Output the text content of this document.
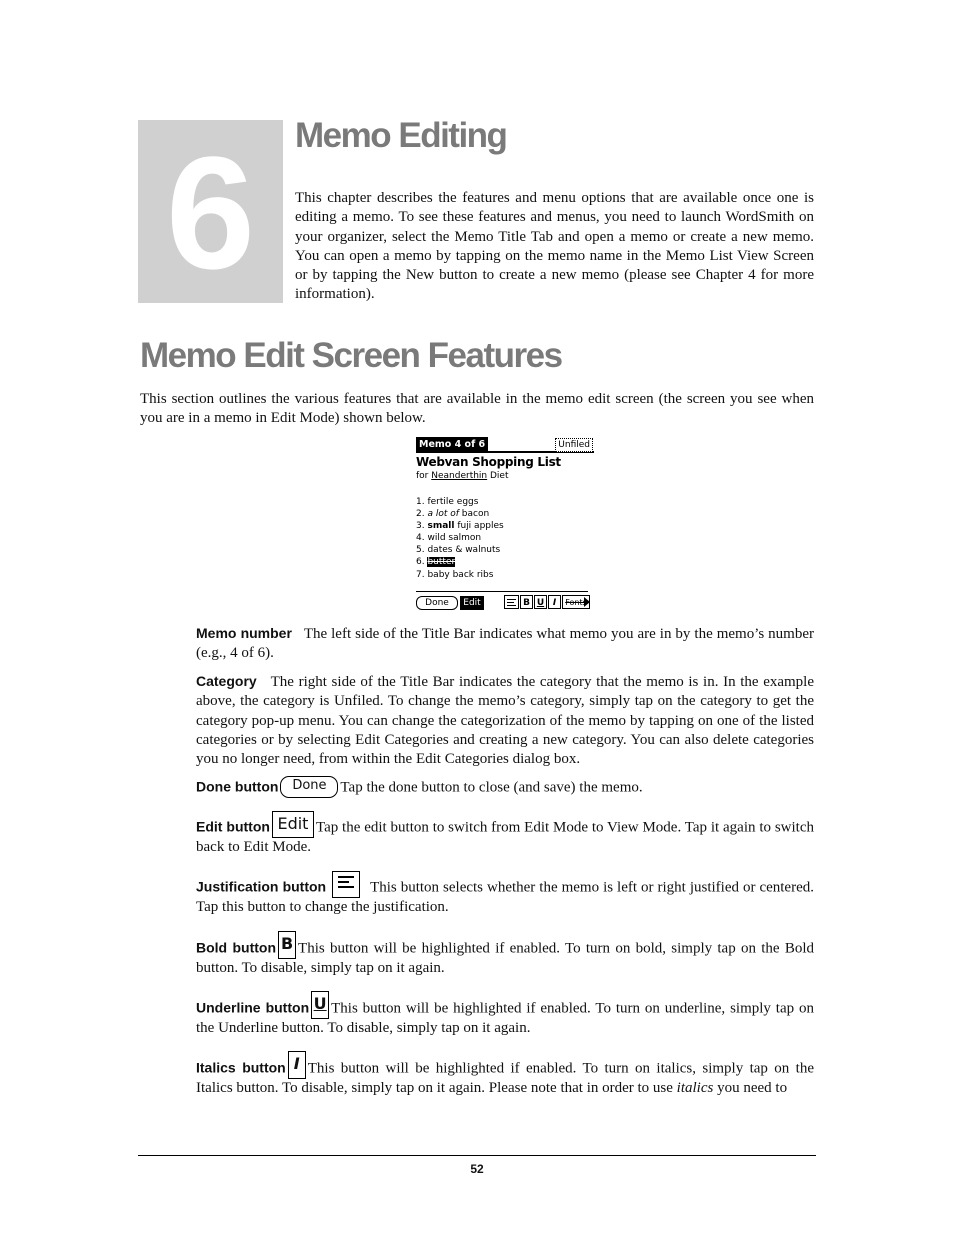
6	Memo Editing

This chapter describes the features and menu options that are available once one is editing a memo. To see these features and menus, you need to launch WordSmith on your organizer, select the Memo Title Tab and open a memo or create a new memo. You can open a memo by tapping on the memo name in the Memo List View Screen or by tapping the New button to create a new memo (please see Chapter 4 for more information).

Memo Edit Screen Features

This section outlines the various features that are available in the memo edit screen (the screen you see when you are in a memo in Edit Mode) shown below.

Memo 4 of 6	Unfiled
Webvan Shopping List
for Neanderthin Diet
1. fertile eggs
2. a lot of bacon
3. small fuji apples
4. wild salmon
5. dates & walnuts
6. butter
7. baby back ribs
Done	Edit	B U I	Fonts

Memo number The left side of the Title Bar indicates what memo you are in by the memo’s number (e.g., 4 of 6).

Category The right side of the Title Bar indicates the category that the memo is in. In the example above, the category is Unfiled. To change the memo’s category, simply tap on the category to get the category pop-up menu. You can change the categorization of the memo by tapping on one of the listed categories or by selecting Edit Categories and creating a new category. You can also delete categories you no longer need, from within the Edit Categories dialog box.

Done button Done Tap the done button to close (and save) the memo.

Edit button Edit Tap the edit button to switch from Edit Mode to View Mode. Tap it again to switch back to Edit Mode.

Justification button	This button selects whether the memo is left or right justified or centered. Tap this button to change the justification.

Bold button B This button will be highlighted if enabled. To turn on bold, simply tap on the Bold button. To disable, simply tap on it again.

Underline button U This button will be highlighted if enabled. To turn on underline, simply tap on the Underline button. To disable, simply tap on it again.

Italics button I This button will be highlighted if enabled. To turn on italics, simply tap on the Italics button. To disable, simply tap on it again. Please note that in order to use italics you need to

52
